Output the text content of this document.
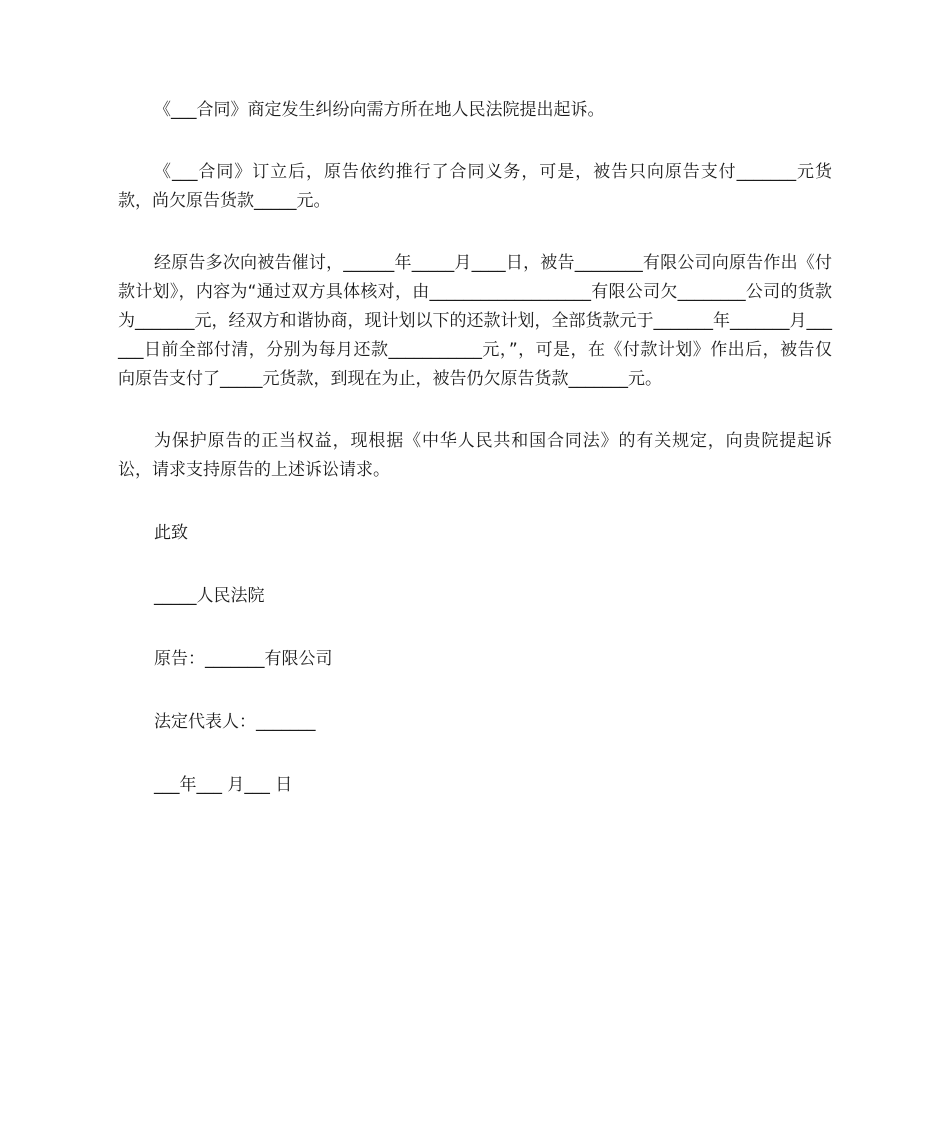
《___合同》商定发生纠纷向需方所在地人民法院提出起诉。

《___合同》订立后，原告依约推行了合同义务，可是，被告只向原告支付_______元货款，尚欠原告货款_____元。

经原告多次向被告催讨，______年_____月____日，被告________有限公司向原告作出《付款计划》，内容为“通过双方具体核对，由___________________有限公司欠________公司的货款为_______元，经双方和谐协商，现计划以下的还款计划，全部货款元于_______年_______月______日前全部付清，分别为每月还款___________元，”，可是，在《付款计划》作出后，被告仅向原告支付了_____元货款，到现在为止，被告仍欠原告货款_______元。

为保护原告的正当权益，现根据《中华人民共和国合同法》的有关规定，向贵院提起诉讼，请求支持原告的上述诉讼请求。

此致

_____人民法院

原告：_______有限公司

法定代表人：_______

___年___ 月___ 日
